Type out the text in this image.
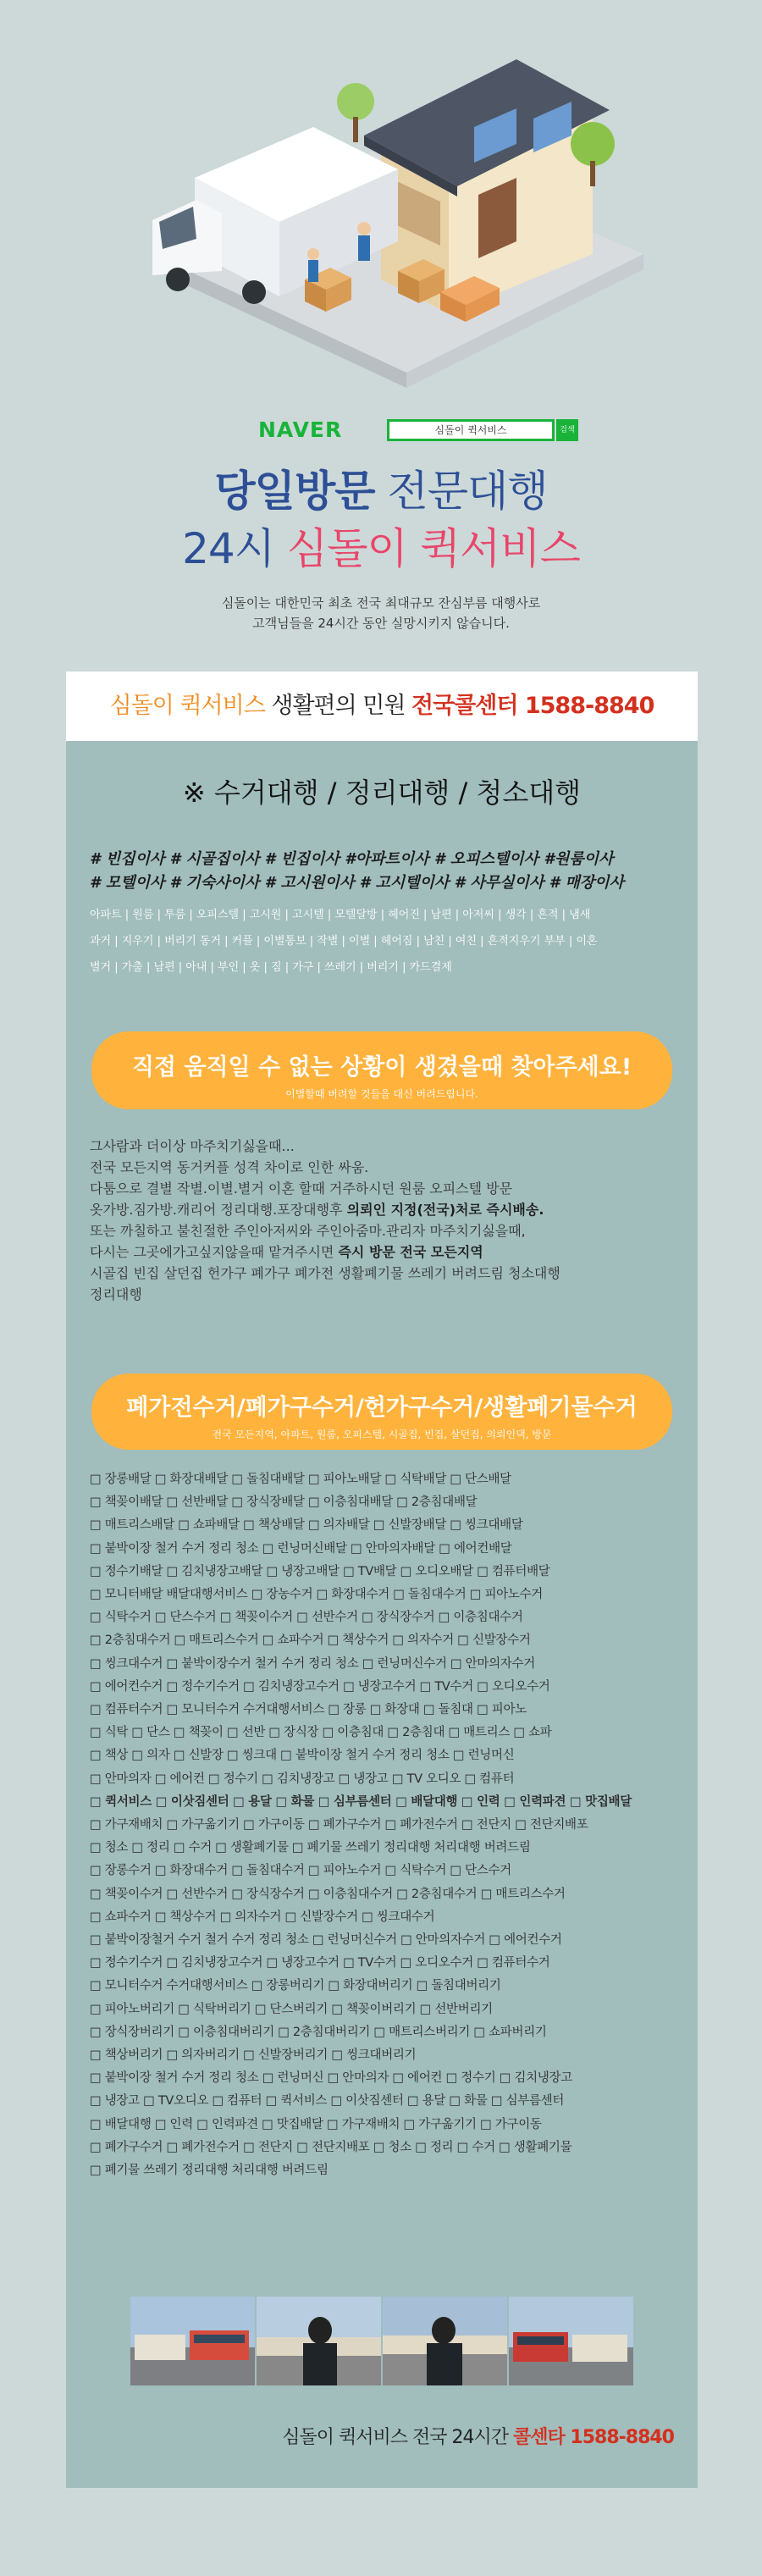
NAVER	심돌이 퀵서비스	검색
당일방문 전문대행
24시 심돌이 퀵서비스
심돌이는 대한민국 최초 전국 최대규모 잔심부름 대행사로
고객님들을 24시간 동안 실망시키지 않습니다.
심돌이 퀵서비스 생활편의 민원 전국콜센터 1588-8840
※ 수거대행 / 정리대행 / 청소대행
# 빈집이사 # 시골집이사 # 빈집이사 #아파트이사 # 오피스텔이사 #원룸이사
# 모텔이사 # 기숙사이사 # 고시원이사 # 고시텔이사 # 사무실이사 # 매장이사
아파트 | 원룸 | 투룸 | 오피스텔 | 고시원 | 고시텔 | 모텔달방 | 헤어진 | 남편 | 아저씨 | 생각 | 흔적 | 냄새
과거 | 지우기 | 버리기 동거 | 커플 | 이별통보 | 작별 | 이별 | 헤어짐 | 남친 | 여친 | 흔적지우기 부부 | 이혼
별거 | 가출 | 남편 | 아내 | 부인 | 옷 | 짐 | 가구 | 쓰레기 | 버리기 | 카드결제
직접 움직일 수 없는 상황이 생겼을때 찾아주세요!
이별할때 버려할 것들을 대신 버려드립니다.
그사람과 더이상 마주치기싫을때...
전국 모든지역 동거커플 성격 차이로 인한 싸움.
다툼으로 결별 작별.이별.별거 이혼 할때 거주하시던 원룸 오피스텔 방문
옷가방.짐가방.캐리어 정리대행.포장대행후 의뢰인 지정(전국)처로 즉시배송.
또는 까칠하고 불친절한 주인아저씨와 주인아줌마.관리자 마주치기싫을때,
다시는 그곳에가고싶지않을때 맡겨주시면 즉시 방문 전국 모든지역
시골집 빈집 살던집 헌가구 폐가구 폐가전 생활폐기물 쓰레기 버려드림 청소대행
정리대행
폐가전수거/폐가구수거/헌가구수거/생활폐기물수거
전국 모든지역, 아파트, 원룸, 오피스텔, 시골집, 빈집, 살던집, 의뢰인댁, 방문
□ 장롱배달 □ 화장대배달 □ 돌침대배달 □ 피아노배달 □ 식탁배달 □ 단스배달
□ 책꽂이배달 □ 선반배달 □ 장식장배달 □ 이층침대배달 □ 2층침대배달
□ 매트리스배달 □ 쇼파배달 □ 책상배달 □ 의자배달 □ 신발장배달 □ 씽크대배달
□ 붙박이장 철거 수거 정리 청소 □ 런닝머신배달 □ 안마의자배달 □ 에어컨배달
□ 정수기배달 □ 김치냉장고배달 □ 냉장고배달 □ TV배달 □ 오디오배달 □ 컴퓨터배달
□ 모니터배달 배달대행서비스 □ 장농수거 □ 화장대수거 □ 돌침대수거 □ 피아노수거
□ 식탁수거 □ 단스수거 □ 책꽂이수거 □ 선반수거 □ 장식장수거 □ 이층침대수거
□ 2층침대수거 □ 매트리스수거 □ 쇼파수거 □ 책상수거 □ 의자수거 □ 신발장수거
□ 씽크대수거 □ 붙박이장수거 철거 수거 정리 청소 □ 런닝머신수거 □ 안마의자수거
□ 에어컨수거 □ 정수기수거 □ 김치냉장고수거 □ 냉장고수거 □ TV수거 □ 오디오수거
□ 컴퓨터수거 □ 모니터수거 수거대행서비스 □ 장롱 □ 화장대 □ 돌침대 □ 피아노
□ 식탁 □ 단스 □ 책꽂이 □ 선반 □ 장식장 □ 이층침대 □ 2층침대 □ 매트리스 □ 쇼파
□ 책상 □ 의자 □ 신발장 □ 씽크대 □ 붙박이장 철거 수거 정리 청소 □ 런닝머신
□ 안마의자 □ 에어컨 □ 정수기 □ 김치냉장고 □ 냉장고 □ TV 오디오 □ 컴퓨터
□ 퀵서비스 □ 이삿짐센터 □ 용달 □ 화물 □ 심부름센터 □ 배달대행 □ 인력 □ 인력파견 □ 맛집배달
□ 가구재배치 □ 가구옮기기 □ 가구이동 □ 폐가구수거 □ 폐가전수거 □ 전단지 □ 전단지배포
□ 청소 □ 정리 □ 수거 □ 생활폐기물 □ 폐기물 쓰레기 정리대행 처리대행 버려드림
□ 장롱수거 □ 화장대수거 □ 돌침대수거 □ 피아노수거 □ 식탁수거 □ 단스수거
□ 책꽂이수거 □ 선반수거 □ 장식장수거 □ 이층침대수거 □ 2층침대수거 □ 매트리스수거
□ 쇼파수거 □ 책상수거 □ 의자수거 □ 신발장수거 □ 씽크대수거
□ 붙박이장철거 수거 철거 수거 정리 청소 □ 런닝머신수거 □ 안마의자수거 □ 에어컨수거
□ 정수기수거 □ 김치냉장고수거 □ 냉장고수거 □ TV수거 □ 오디오수거 □ 컴퓨터수거
□ 모니터수거 수거대행서비스 □ 장롱버리기 □ 화장대버리기 □ 돌침대버리기
□ 피아노버리기 □ 식탁버리기 □ 단스버리기 □ 책꽂이버리기 □ 선반버리기
□ 장식장버리기 □ 이층침대버리기 □ 2층침대버리기 □ 매트리스버리기 □ 쇼파버리기
□ 책상버리기 □ 의자버리기 □ 신발장버리기 □ 씽크대버리기
□ 붙박이장 철거 수거 정리 청소 □ 런닝머신 □ 안마의자 □ 에어컨 □ 정수기 □ 김치냉장고
□ 냉장고 □ TV오디오 □ 컴퓨터 □ 퀵서비스 □ 이삿짐센터 □ 용달 □ 화물 □ 심부름센터
□ 배달대행 □ 인력 □ 인력파견 □ 맛집배달 □ 가구재배치 □ 가구옮기기 □ 가구이동
□ 폐가구수거 □ 폐가전수거 □ 전단지 □ 전단지배포 □ 청소 □ 정리 □ 수거 □ 생활폐기물
□ 폐기물 쓰레기 정리대행 처리대행 버려드림
심돌이 퀵서비스 전국 24시간 콜센타 1588-8840
